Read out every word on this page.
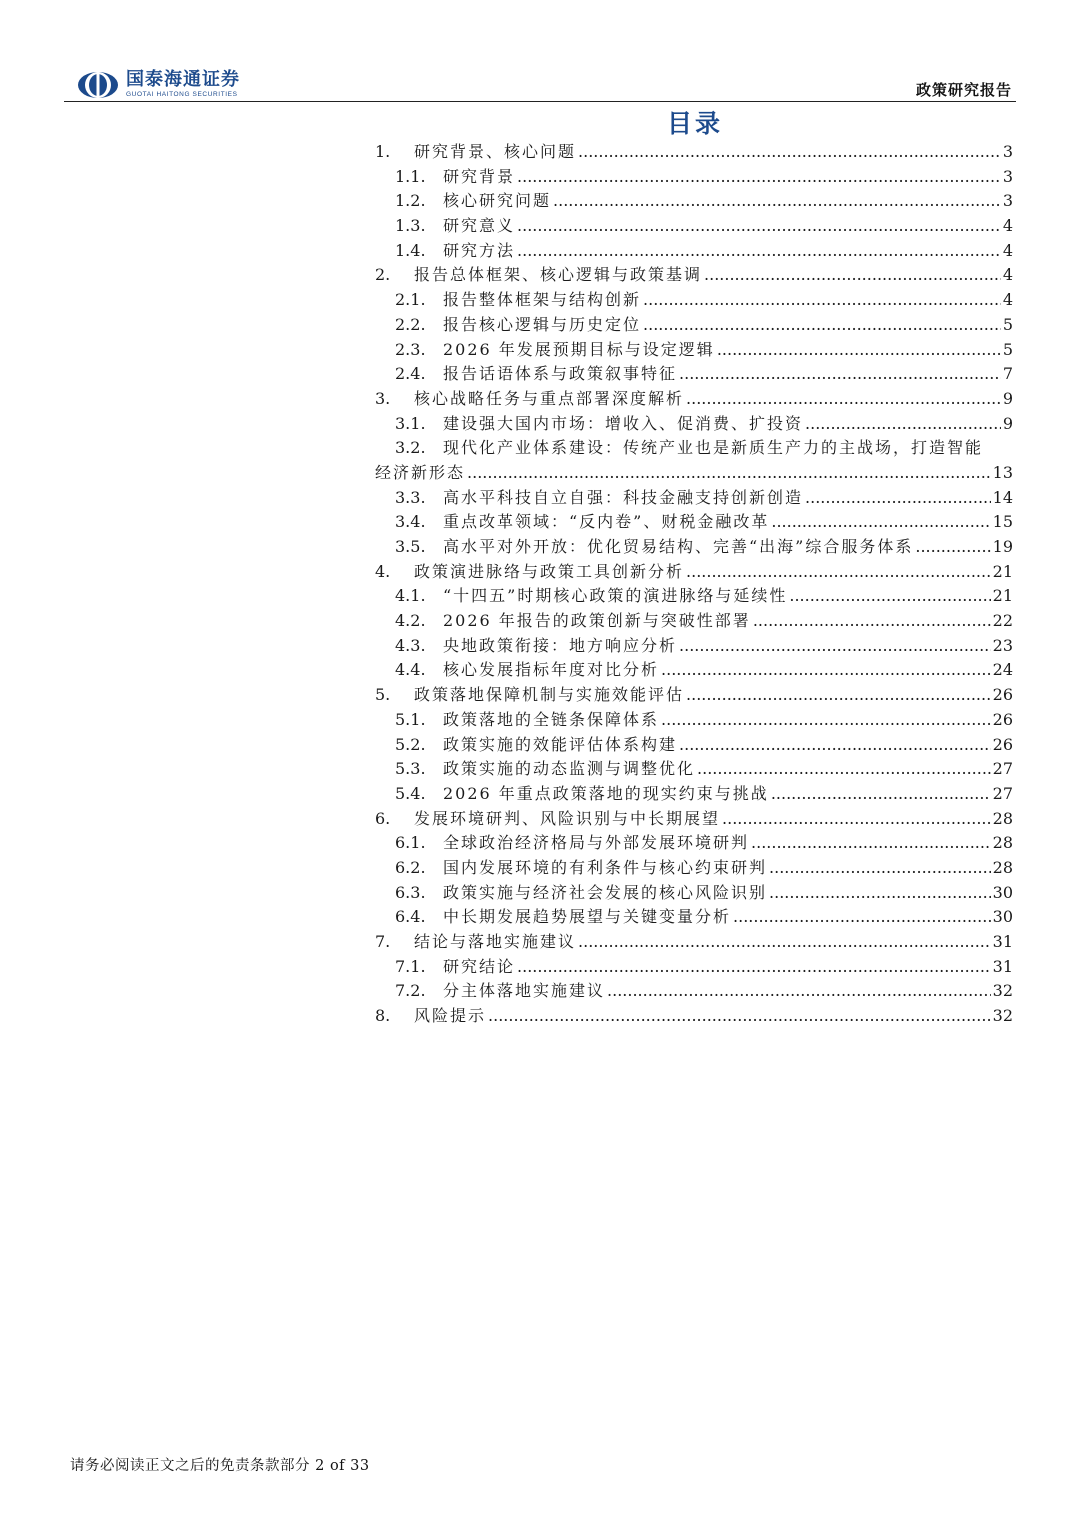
国泰海通证券
GUOTAI HAITONG SECURITIES	政策研究报告
目录
1.	研究背景、核心问题 .....	3
1.1.	研究背景 .....	3
1.2.	核心研究问题 .....	3
1.3.	研究意义 .....	4
1.4.	研究方法 .....	4
2.	报告总体框架、核心逻辑与政策基调 .....	4
2.1.	报告整体框架与结构创新 .....	4
2.2.	报告核心逻辑与历史定位 .....	5
2.3.	2026 年发展预期目标与设定逻辑 .....	5
2.4.	报告话语体系与政策叙事特征 .....	7
3.	核心战略任务与重点部署深度解析 .....	9
3.1.	建设强大国内市场：增收入、促消费、扩投资 .....	9
3.2.	现代化产业体系建设：传统产业也是新质生产力的主战场，打造智能
经济新形态 .....	13
3.3.	高水平科技自立自强：科技金融支持创新创造 .....	14
3.4.	重点改革领域：“反内卷”、财税金融改革 .....	15
3.5.	高水平对外开放：优化贸易结构、完善“出海”综合服务体系 .....	19
4.	政策演进脉络与政策工具创新分析 .....	21
4.1.	“十四五”时期核心政策的演进脉络与延续性 .....	21
4.2.	2026 年报告的政策创新与突破性部署 .....	22
4.3.	央地政策衔接：地方响应分析 .....	23
4.4.	核心发展指标年度对比分析 .....	24
5.	政策落地保障机制与实施效能评估 .....	26
5.1.	政策落地的全链条保障体系 .....	26
5.2.	政策实施的效能评估体系构建 .....	26
5.3.	政策实施的动态监测与调整优化 .....	27
5.4.	2026 年重点政策落地的现实约束与挑战 .....	27
6.	发展环境研判、风险识别与中长期展望 .....	28
6.1.	全球政治经济格局与外部发展环境研判 .....	28
6.2.	国内发展环境的有利条件与核心约束研判 .....	28
6.3.	政策实施与经济社会发展的核心风险识别 .....	30
6.4.	中长期发展趋势展望与关键变量分析 .....	30
7.	结论与落地实施建议 .....	31
7.1.	研究结论 .....	31
7.2.	分主体落地实施建议 .....	32
8.	风险提示 .....	32
请务必阅读正文之后的免责条款部分 2 of 33
